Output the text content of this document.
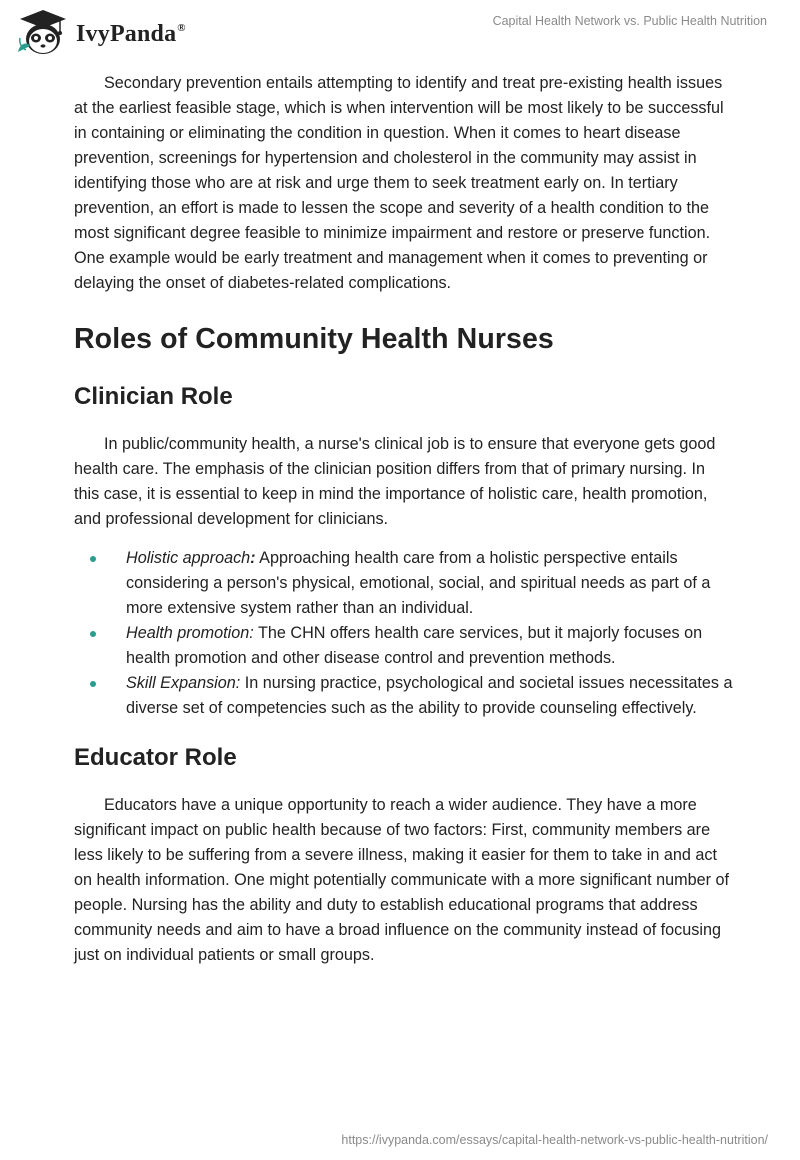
IvyPanda®	Capital Health Network vs. Public Health Nutrition

Secondary prevention entails attempting to identify and treat pre-existing health issues at the earliest feasible stage, which is when intervention will be most likely to be successful in containing or eliminating the condition in question. When it comes to heart disease prevention, screenings for hypertension and cholesterol in the community may assist in identifying those who are at risk and urge them to seek treatment early on. In tertiary prevention, an effort is made to lessen the scope and severity of a health condition to the most significant degree feasible to minimize impairment and restore or preserve function. One example would be early treatment and management when it comes to preventing or delaying the onset of diabetes-related complications.

Roles of Community Health Nurses
Clinician Role

In public/community health, a nurse's clinical job is to ensure that everyone gets good health care. The emphasis of the clinician position differs from that of primary nursing. In this case, it is essential to keep in mind the importance of holistic care, health promotion, and professional development for clinicians.

Holistic approach: Approaching health care from a holistic perspective entails considering a person's physical, emotional, social, and spiritual needs as part of a more extensive system rather than an individual.
Health promotion: The CHN offers health care services, but it majorly focuses on health promotion and other disease control and prevention methods.
Skill Expansion: In nursing practice, psychological and societal issues necessitates a diverse set of competencies such as the ability to provide counseling effectively.
Educator Role

Educators have a unique opportunity to reach a wider audience. They have a more significant impact on public health because of two factors: First, community members are less likely to be suffering from a severe illness, making it easier for them to take in and act on health information. One might potentially communicate with a more significant number of people. Nursing has the ability and duty to establish educational programs that address community needs and aim to have a broad influence on the community instead of focusing just on individual patients or small groups.

https://ivypanda.com/essays/capital-health-network-vs-public-health-nutrition/
